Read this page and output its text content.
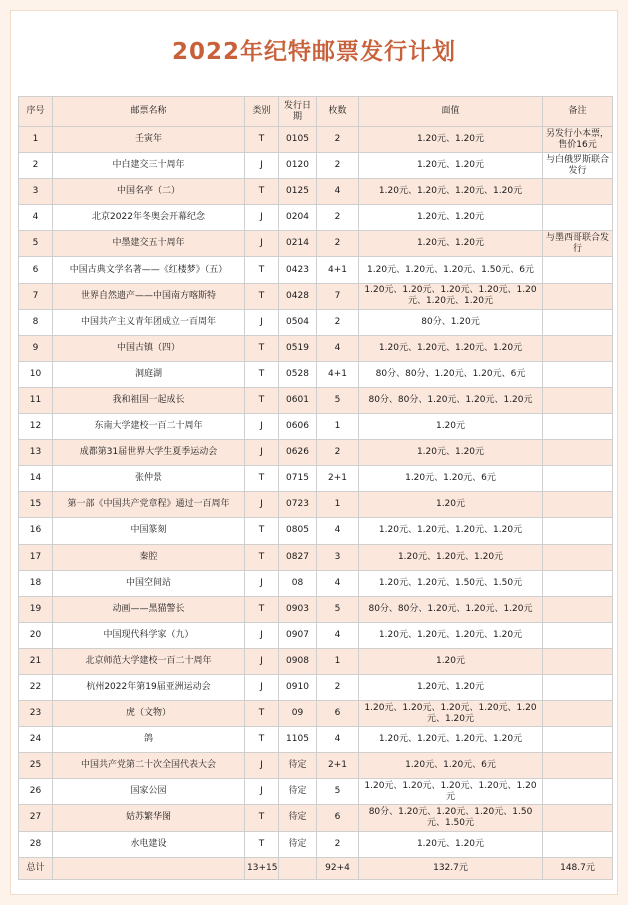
2022年纪特邮票发行计划
序号	邮票名称	类别	发行日期	枚数	面值	备注
1	壬寅年	T	0105	2	1.20元、1.20元	另发行小本票，售价16元
2	中白建交三十周年	J	0120	2	1.20元、1.20元	与白俄罗斯联合发行
3	中国名亭（二）	T	0125	4	1.20元、1.20元、1.20元、1.20元	
4	北京2022年冬奥会开幕纪念	J	0204	2	1.20元、1.20元	
5	中墨建交五十周年	J	0214	2	1.20元、1.20元	与墨西哥联合发行
6	中国古典文学名著——《红楼梦》（五）	T	0423	4+1	1.20元、1.20元、1.20元、1.50元、6元	
7	世界自然遗产——中国南方喀斯特	T	0428	7	1.20元、1.20元、1.20元、1.20元、1.20元、1.20元、1.20元	
8	中国共产主义青年团成立一百周年	J	0504	2	80分、1.20元	
9	中国古镇（四）	T	0519	4	1.20元、1.20元、1.20元、1.20元	
10	洞庭湖	T	0528	4+1	80分、80分、1.20元、1.20元、6元	
11	我和祖国一起成长	T	0601	5	80分、80分、1.20元、1.20元、1.20元	
12	东南大学建校一百二十周年	J	0606	1	1.20元	
13	成都第31届世界大学生夏季运动会	J	0626	2	1.20元、1.20元	
14	张仲景	T	0715	2+1	1.20元、1.20元、6元	
15	第一部《中国共产党章程》通过一百周年	J	0723	1	1.20元	
16	中国篆刻	T	0805	4	1.20元、1.20元、1.20元、1.20元	
17	秦腔	T	0827	3	1.20元、1.20元、1.20元	
18	中国空间站	J	08	4	1.20元、1.20元、1.50元、1.50元	
19	动画——黑猫警长	T	0903	5	80分、80分、1.20元、1.20元、1.20元	
20	中国现代科学家（九）	J	0907	4	1.20元、1.20元、1.20元、1.20元	
21	北京师范大学建校一百二十周年	J	0908	1	1.20元	
22	杭州2022年第19届亚洲运动会	J	0910	2	1.20元、1.20元	
23	虎（文物）	T	09	6	1.20元、1.20元、1.20元、1.20元、1.20元、1.20元	
24	鸽	T	1105	4	1.20元、1.20元、1.20元、1.20元	
25	中国共产党第二十次全国代表大会	J	待定	2+1	1.20元、1.20元、6元	
26	国家公园	J	待定	5	1.20元、1.20元、1.20元、1.20元、1.20元	
27	姑苏繁华图	T	待定	6	80分、1.20元、1.20元、1.20元、1.50元、1.50元	
28	水电建设	T	待定	2	1.20元、1.20元	
总计		13+15		92+4	132.7元	148.7元
